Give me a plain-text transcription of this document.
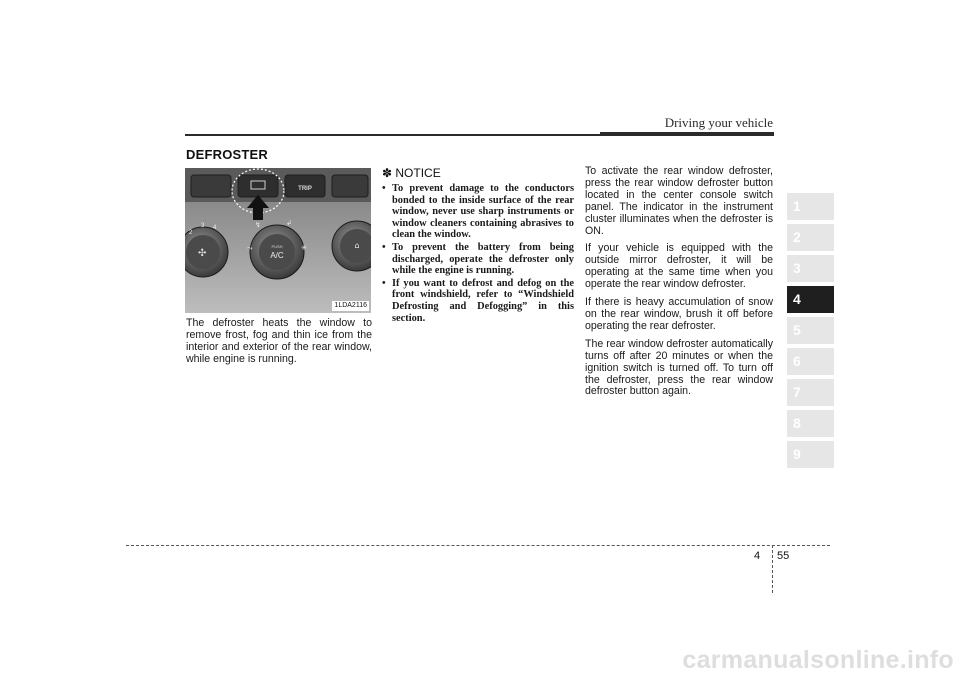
Driving your vehicle
DEFROSTER
TRIP
2
3 4
✣
PUSH
A/C
↯	↲
⤳	✳	⌂
1LDA2116

The defroster heats the window to remove frost, fog and thin ice from the interior and exterior of the rear window, while engine is running.

✽ NOTICE
• To prevent damage to the conductors bonded to the inside surface of the rear window, never use sharp instruments or window cleaners containing abrasives to clean the window.
• To prevent the battery from being discharged, operate the defroster only while the engine is running.
• If you want to defrost and defog on the front windshield, refer to “Windshield Defrosting and Defogging” in this section.

To activate the rear window defroster, press the rear window defroster button located in the center console switch panel. The indicator in the instrument cluster illuminates when the defroster is ON.

If your vehicle is equipped with the outside mirror defroster, it will be operating at the same time when you operate the rear window defroster.

If there is heavy accumulation of snow on the rear window, brush it off before operating the rear defroster.

The rear window defroster automatically turns off after 20 minutes or when the ignition switch is turned off. To turn off the defroster, press the rear window defroster button again.

1
2
3
4
5
6
7
8
9
4 55
carmanualsonline.info
